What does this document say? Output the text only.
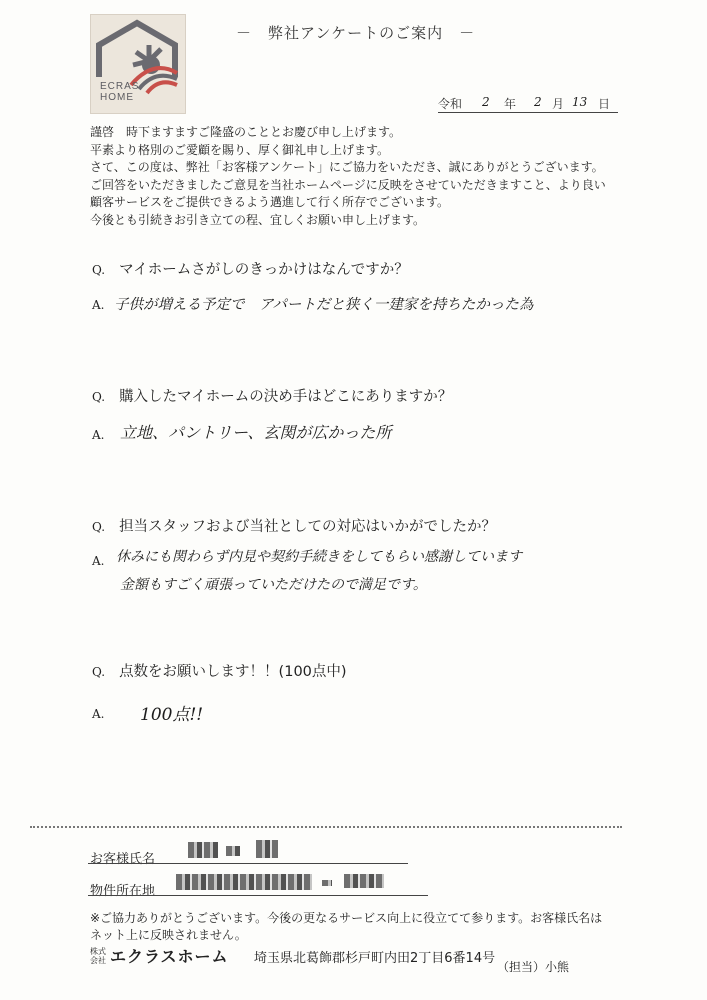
ECRAS
HOME
－　弊社アンケートのご案内　－
令和 2 年 2 月 13 日
謹啓　時下ますますご隆盛のこととお慶び申し上げます。
平素より格別のご愛顧を賜り、厚く御礼申し上げます。
さて、この度は、弊社「お客様アンケート」にご協力をいただき、誠にありがとうございます。
ご回答をいただきましたご意見を当社ホームページに反映をさせていただきますこと、より良い
顧客サービスをご提供できるよう邁進して行く所存でございます。
今後とも引続きお引き立ての程、宜しくお願い申し上げます。
Q. マイホームさがしのきっかけはなんですか？
A. 子供が増える予定で　アパートだと狭く一建家を持ちたかった為
Q. 購入したマイホームの決め手はどこにありますか？
A. 立地、パントリー、玄関が広かった所
Q. 担当スタッフおよび当社としての対応はいかがでしたか？
A. 休みにも関わらず内見や契約手続きをしてもらい感謝しています
金額もすごく頑張っていただけたので満足です。
Q. 点数をお願いします！！(100点中)
A. 100点!!
お客様氏名
物件所在地
※ご協力ありがとうございます。今後の更なるサービス向上に役立てて参ります。お客様氏名は
ネット上に反映されません。
株式会社 エクラスホーム 埼玉県北葛飾郡杉戸町内田2丁目6番14号
（担当）小熊
